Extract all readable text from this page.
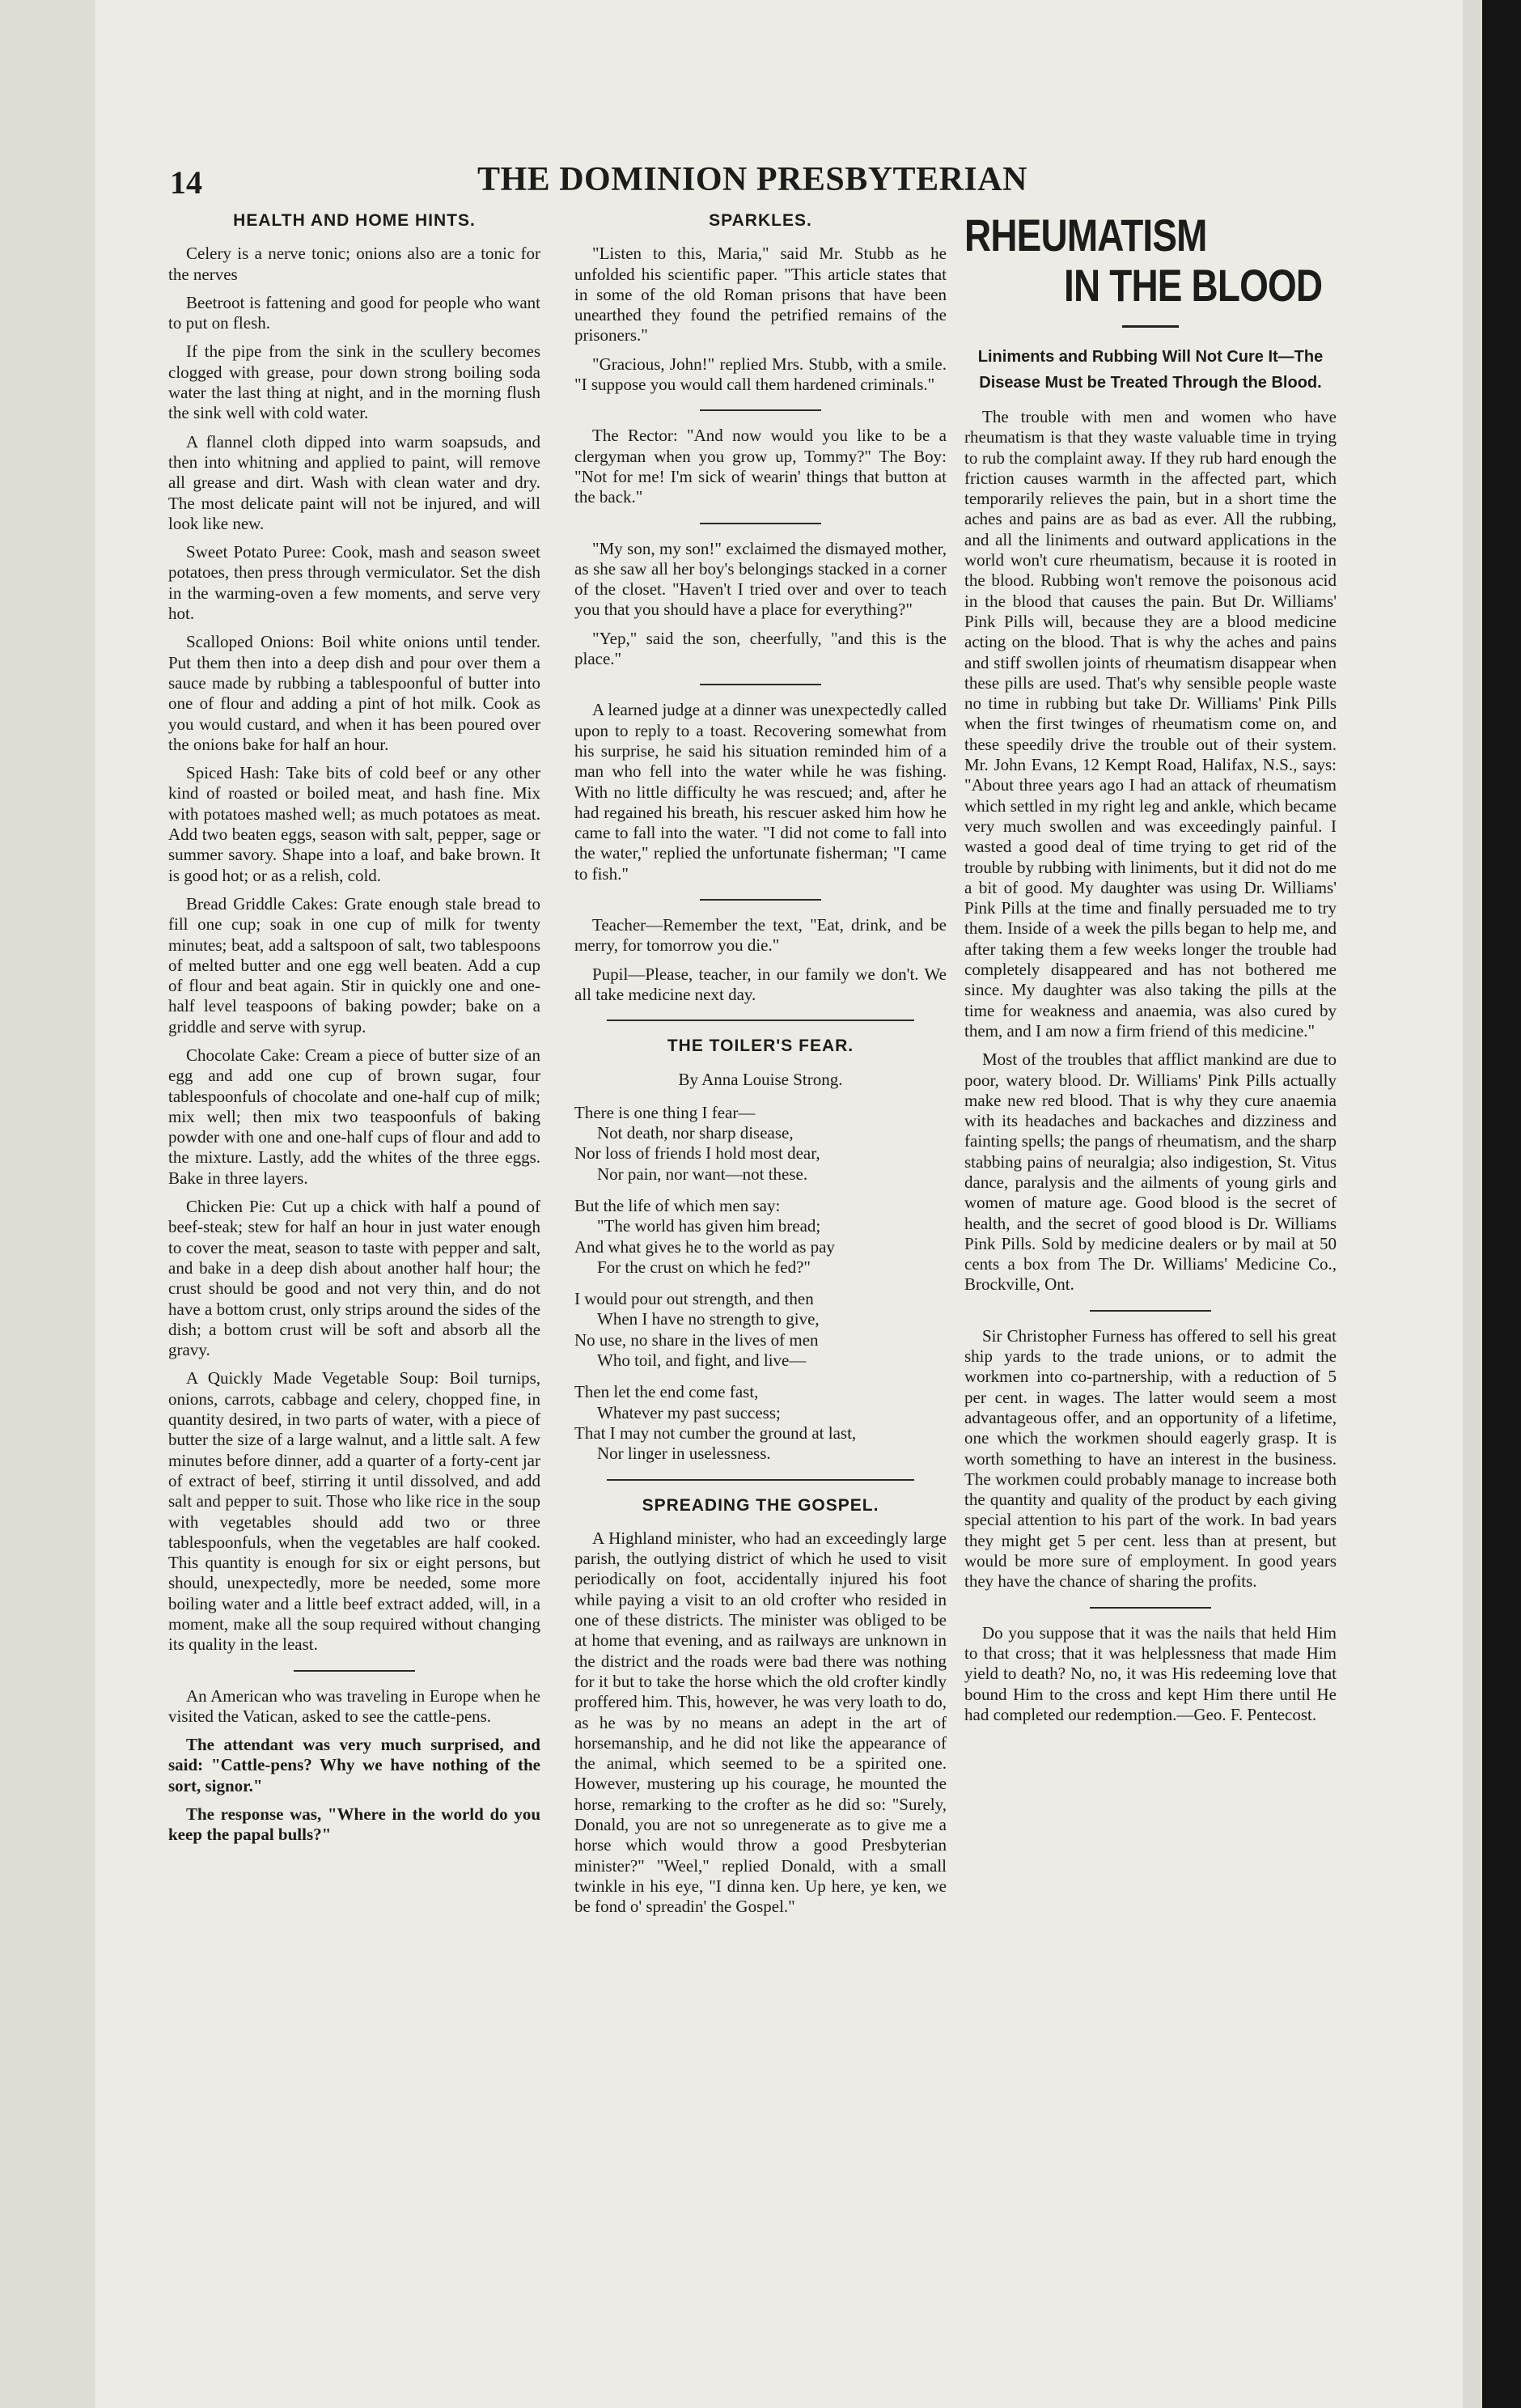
14	THE DOMINION PRESBYTERIAN
HEALTH AND HOME HINTS.

Celery is a nerve tonic; onions also are a tonic for the nerves

Beetroot is fattening and good for people who want to put on flesh.

If the pipe from the sink in the scullery becomes clogged with grease, pour down strong boiling soda water the last thing at night, and in the morning flush the sink well with cold water.

A flannel cloth dipped into warm soapsuds, and then into whitning and applied to paint, will remove all grease and dirt. Wash with clean water and dry. The most delicate paint will not be injured, and will look like new.

Sweet Potato Puree: Cook, mash and season sweet potatoes, then press through vermiculator. Set the dish in the warming-oven a few moments, and serve very hot.

Scalloped Onions: Boil white onions until tender. Put them then into a deep dish and pour over them a sauce made by rubbing a tablespoonful of butter into one of flour and adding a pint of hot milk. Cook as you would custard, and when it has been poured over the onions bake for half an hour.

Spiced Hash: Take bits of cold beef or any other kind of roasted or boiled meat, and hash fine. Mix with potatoes mashed well; as much potatoes as meat. Add two beaten eggs, season with salt, pepper, sage or summer savory. Shape into a loaf, and bake brown. It is good hot; or as a relish, cold.

Bread Griddle Cakes: Grate enough stale bread to fill one cup; soak in one cup of milk for twenty minutes; beat, add a saltspoon of salt, two tablespoons of melted butter and one egg well beaten. Add a cup of flour and beat again. Stir in quickly one and one-half level teaspoons of baking powder; bake on a griddle and serve with syrup.

Chocolate Cake: Cream a piece of butter size of an egg and add one cup of brown sugar, four tablespoonfuls of chocolate and one-half cup of milk; mix well; then mix two teaspoonfuls of baking powder with one and one-half cups of flour and add to the mixture. Lastly, add the whites of the three eggs. Bake in three layers.

Chicken Pie: Cut up a chick with half a pound of beef-steak; stew for half an hour in just water enough to cover the meat, season to taste with pepper and salt, and bake in a deep dish about another half hour; the crust should be good and not very thin, and do not have a bottom crust, only strips around the sides of the dish; a bottom crust will be soft and absorb all the gravy.

A Quickly Made Vegetable Soup: Boil turnips, onions, carrots, cabbage and celery, chopped fine, in quantity desired, in two parts of water, with a piece of butter the size of a large walnut, and a little salt. A few minutes before dinner, add a quarter of a forty-cent jar of extract of beef, stirring it until dissolved, and add salt and pepper to suit. Those who like rice in the soup with vegetables should add two or three tablespoonfuls, when the vegetables are half cooked. This quantity is enough for six or eight persons, but should, unexpectedly, more be needed, some more boiling water and a little beef extract added, will, in a moment, make all the soup required without changing its quality in the least.

An American who was traveling in Europe when he visited the Vatican, asked to see the cattle-pens.

The attendant was very much surprised, and said: "Cattle-pens? Why we have nothing of the sort, signor."

The response was, "Where in the world do you keep the papal bulls?"

SPARKLES.

"Listen to this, Maria," said Mr. Stubb as he unfolded his scientific paper. "This article states that in some of the old Roman prisons that have been unearthed they found the petrified remains of the prisoners."

"Gracious, John!" replied Mrs. Stubb, with a smile. "I suppose you would call them hardened criminals."

The Rector: "And now would you like to be a clergyman when you grow up, Tommy?" The Boy: "Not for me! I'm sick of wearin' things that button at the back."

"My son, my son!" exclaimed the dismayed mother, as she saw all her boy's belongings stacked in a corner of the closet. "Haven't I tried over and over to teach you that you should have a place for everything?"

"Yep," said the son, cheerfully, "and this is the place."

A learned judge at a dinner was unexpectedly called upon to reply to a toast. Recovering somewhat from his surprise, he said his situation reminded him of a man who fell into the water while he was fishing. With no little difficulty he was rescued; and, after he had regained his breath, his rescuer asked him how he came to fall into the water. "I did not come to fall into the water," replied the unfortunate fisherman; "I came to fish."

Teacher—Remember the text, "Eat, drink, and be merry, for tomorrow you die."

Pupil—Please, teacher, in our family we don't. We all take medicine next day.

THE TOILER'S FEAR.
By Anna Louise Strong.
There is one thing I fear—
Not death, nor sharp disease,
Nor loss of friends I hold most dear,
Nor pain, nor want—not these.
But the life of which men say:
"The world has given him bread;
And what gives he to the world as pay
For the crust on which he fed?"
I would pour out strength, and then
When I have no strength to give,
No use, no share in the lives of men
Who toil, and fight, and live—
Then let the end come fast,
Whatever my past success;
That I may not cumber the ground at last,
Nor linger in uselessness.
SPREADING THE GOSPEL.

A Highland minister, who had an exceedingly large parish, the outlying district of which he used to visit periodically on foot, accidentally injured his foot while paying a visit to an old crofter who resided in one of these districts. The minister was obliged to be at home that evening, and as railways are unknown in the district and the roads were bad there was nothing for it but to take the horse which the old crofter kindly proffered him. This, however, he was very loath to do, as he was by no means an adept in the art of horsemanship, and he did not like the appearance of the animal, which seemed to be a spirited one. However, mustering up his courage, he mounted the horse, remarking to the crofter as he did so: "Surely, Donald, you are not so unregenerate as to give me a horse which would throw a good Presbyterian minister?" "Weel," replied Donald, with a small twinkle in his eye, "I dinna ken. Up here, ye ken, we be fond o' spreadin' the Gospel."

RHEUMATISM
IN THE BLOOD
Liniments and Rubbing Will Not Cure It—The Disease Must be Treated Through the Blood.

The trouble with men and women who have rheumatism is that they waste valuable time in trying to rub the complaint away. If they rub hard enough the friction causes warmth in the affected part, which temporarily relieves the pain, but in a short time the aches and pains are as bad as ever. All the rubbing, and all the liniments and outward applications in the world won't cure rheumatism, because it is rooted in the blood. Rubbing won't remove the poisonous acid in the blood that causes the pain. But Dr. Williams' Pink Pills will, because they are a blood medicine acting on the blood. That is why the aches and pains and stiff swollen joints of rheumatism disappear when these pills are used. That's why sensible people waste no time in rubbing but take Dr. Williams' Pink Pills when the first twinges of rheumatism come on, and these speedily drive the trouble out of their system. Mr. John Evans, 12 Kempt Road, Halifax, N.S., says: "About three years ago I had an attack of rheumatism which settled in my right leg and ankle, which became very much swollen and was exceedingly painful. I wasted a good deal of time trying to get rid of the trouble by rubbing with liniments, but it did not do me a bit of good. My daughter was using Dr. Williams' Pink Pills at the time and finally persuaded me to try them. Inside of a week the pills began to help me, and after taking them a few weeks longer the trouble had completely disappeared and has not bothered me since. My daughter was also taking the pills at the time for weakness and anaemia, was also cured by them, and I am now a firm friend of this medicine."

Most of the troubles that afflict mankind are due to poor, watery blood. Dr. Williams' Pink Pills actually make new red blood. That is why they cure anaemia with its headaches and backaches and dizziness and fainting spells; the pangs of rheumatism, and the sharp stabbing pains of neuralgia; also indigestion, St. Vitus dance, paralysis and the ailments of young girls and women of mature age. Good blood is the secret of health, and the secret of good blood is Dr. Williams Pink Pills. Sold by medicine dealers or by mail at 50 cents a box from The Dr. Williams' Medicine Co., Brockville, Ont.

Sir Christopher Furness has offered to sell his great ship yards to the trade unions, or to admit the workmen into co-partnership, with a reduction of 5 per cent. in wages. The latter would seem a most advantageous offer, and an opportunity of a lifetime, one which the workmen should eagerly grasp. It is worth something to have an interest in the business. The workmen could probably manage to increase both the quantity and quality of the product by each giving special attention to his part of the work. In bad years they might get 5 per cent. less than at present, but would be more sure of employment. In good years they have the chance of sharing the profits.

Do you suppose that it was the nails that held Him to that cross; that it was helplessness that made Him yield to death? No, no, it was His redeeming love that bound Him to the cross and kept Him there until He had completed our redemption.—Geo. F. Pentecost.
